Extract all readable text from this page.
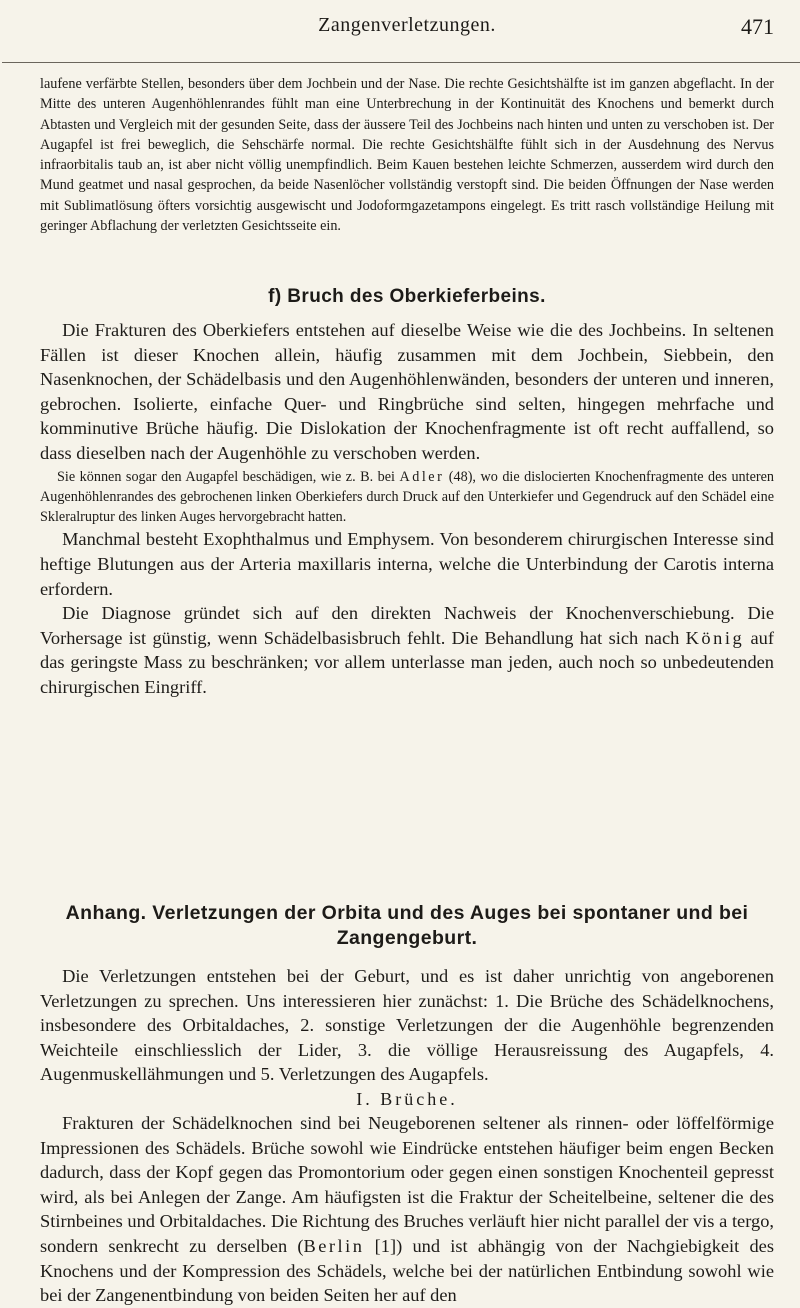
Zangenverletzungen.	471

laufene verfärbte Stellen, besonders über dem Jochbein und der Nase. Die rechte Gesichtshälfte ist im ganzen abgeflacht. In der Mitte des unteren Augenhöhlenrandes fühlt man eine Unterbrechung in der Kontinuität des Knochens und bemerkt durch Abtasten und Vergleich mit der gesunden Seite, dass der äussere Teil des Jochbeins nach hinten und unten zu verschoben ist. Der Augapfel ist frei beweglich, die Sehschärfe normal. Die rechte Gesichtshälfte fühlt sich in der Ausdehnung des Nervus infraorbitalis taub an, ist aber nicht völlig unempfindlich. Beim Kauen bestehen leichte Schmerzen, ausserdem wird durch den Mund geatmet und nasal gesprochen, da beide Nasenlöcher vollständig verstopft sind. Die beiden Öffnungen der Nase werden mit Sublimatlösung öfters vorsichtig ausgewischt und Jodoformgazetampons eingelegt. Es tritt rasch vollständige Heilung mit geringer Abflachung der verletzten Gesichtsseite ein.

f) Bruch des Oberkieferbeins.

Die Frakturen des Oberkiefers entstehen auf dieselbe Weise wie die des Jochbeins. In seltenen Fällen ist dieser Knochen allein, häufig zusammen mit dem Jochbein, Siebbein, den Nasenknochen, der Schädelbasis und den Augenhöhlenwänden, besonders der unteren und inneren, gebrochen. Isolierte, einfache Quer- und Ringbrüche sind selten, hingegen mehrfache und komminutive Brüche häufig. Die Dislokation der Knochenfragmente ist oft recht auffallend, so dass dieselben nach der Augenhöhle zu verschoben werden.

Sie können sogar den Augapfel beschädigen, wie z. B. bei Adler (48), wo die dislocierten Knochenfragmente des unteren Augenhöhlenrandes des gebrochenen linken Oberkiefers durch Druck auf den Unterkiefer und Gegendruck auf den Schädel eine Skleralruptur des linken Auges hervorgebracht hatten.

Manchmal besteht Exophthalmus und Emphysem. Von besonderem chirurgischen Interesse sind heftige Blutungen aus der Arteria maxillaris interna, welche die Unterbindung der Carotis interna erfordern.

Die Diagnose gründet sich auf den direkten Nachweis der Knochenverschiebung. Die Vorhersage ist günstig, wenn Schädelbasisbruch fehlt. Die Behandlung hat sich nach König auf das geringste Mass zu beschränken; vor allem unterlasse man jeden, auch noch so unbedeutenden chirurgischen Eingriff.

Anhang. Verletzungen der Orbita und des Auges bei spontaner und bei
Zangengeburt.

Die Verletzungen entstehen bei der Geburt, und es ist daher unrichtig von angeborenen Verletzungen zu sprechen. Uns interessieren hier zunächst: 1. Die Brüche des Schädelknochens, insbesondere des Orbitaldaches, 2. sonstige Verletzungen der die Augenhöhle begrenzenden Weichteile einschliesslich der Lider, 3. die völlige Herausreissung des Augapfels, 4. Augenmuskellähmungen und 5. Verletzungen des Augapfels.

I. Brüche.

Frakturen der Schädelknochen sind bei Neugeborenen seltener als rinnen- oder löffelförmige Impressionen des Schädels. Brüche sowohl wie Eindrücke entstehen häufiger beim engen Becken dadurch, dass der Kopf gegen das Promontorium oder gegen einen sonstigen Knochenteil gepresst wird, als bei Anlegen der Zange. Am häufigsten ist die Fraktur der Scheitelbeine, seltener die des Stirnbeines und Orbitaldaches. Die Richtung des Bruches verläuft hier nicht parallel der vis a tergo, sondern senkrecht zu derselben (Berlin [1]) und ist abhängig von der Nachgiebigkeit des Knochens und der Kompression des Schädels, welche bei der natürlichen Entbindung sowohl wie bei der Zangenentbindung von beiden Seiten her auf den
